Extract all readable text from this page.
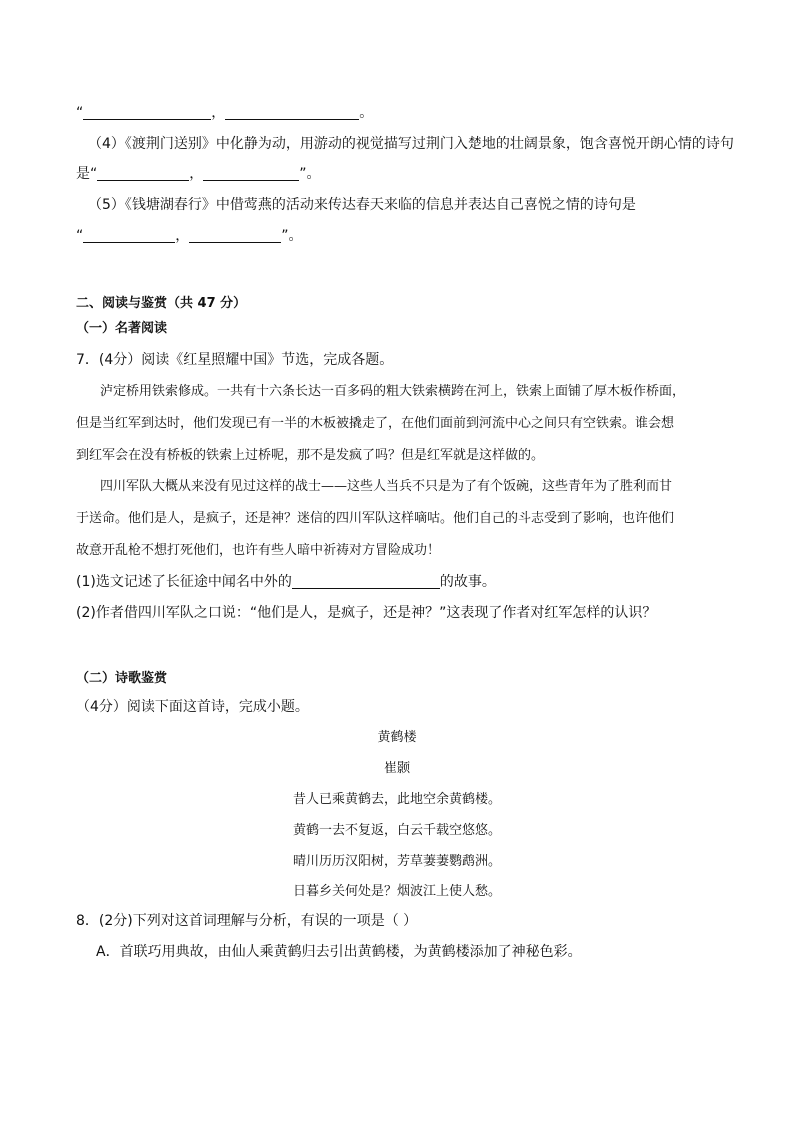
“	，	。
（4）《渡荆门送别》中化静为动，用游动的视觉描写过荆门入楚地的壮阔景象，饱含喜悦开朗心情的诗句
是“	，	”。
（5）《钱塘湖春行》中借莺燕的活动来传达春天来临的信息并表达自己喜悦之情的诗句是
“	，	”。
二、阅读与鉴赏（共 47 分）
（一）名著阅读
7．(4分）阅读《红星照耀中国》节选，完成各题。
泸定桥用铁索修成。一共有十六条长达一百多码的粗大铁索横跨在河上，铁索上面铺了厚木板作桥面，
但是当红军到达时，他们发现已有一半的木板被撬走了，在他们面前到河流中心之间只有空铁索。谁会想
到红军会在没有桥板的铁索上过桥呢，那不是发疯了吗？但是红军就是这样做的。
四川军队大概从来没有见过这样的战士——这些人当兵不只是为了有个饭碗，这些青年为了胜利而甘
于送命。他们是人，是疯子，还是神？迷信的四川军队这样嘀咕。他们自己的斗志受到了影响，也许他们
故意开乱枪不想打死他们，也许有些人暗中祈祷对方冒险成功！
(1)选文记述了长征途中闻名中外的	的故事。
(2)作者借四川军队之口说：“他们是人，是疯子，还是神？”这表现了作者对红军怎样的认识？
（二）诗歌鉴赏
（4分）阅读下面这首诗，完成小题。
黄鹤楼
崔颢
昔人已乘黄鹤去，此地空余黄鹤楼。
黄鹤一去不复返，白云千载空悠悠。
晴川历历汉阳树，芳草萋萋鹦鹉洲。
日暮乡关何处是？烟波江上使人愁。
8．(2分)下列对这首词理解与分析，有误的一项是（ ）
A．首联巧用典故，由仙人乘黄鹤归去引出黄鹤楼，为黄鹤楼添加了神秘色彩。
